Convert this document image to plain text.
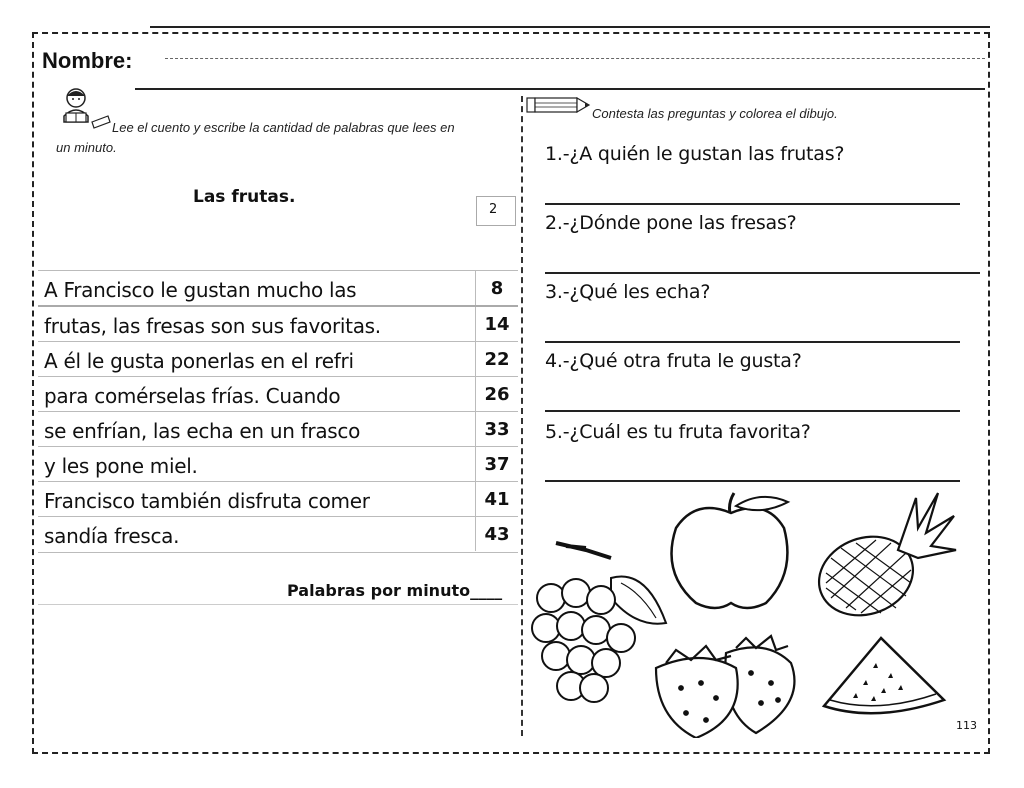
Nombre:
Lee el cuento y escribe la cantidad de palabras que lees en un minuto.
Las frutas.
2
A Francisco le gustan mucho las	8
frutas, las fresas son sus favoritas.	14
A él le gusta ponerlas en el refri	22
para comérselas frías. Cuando	26
se enfrían, las echa en un frasco	33
y les pone miel.	37
Francisco también disfruta comer	41
sandía fresca.	43
Palabras por minuto____
Contesta las preguntas y colorea el dibujo.
1.-¿A quién le gustan las frutas?
2.-¿Dónde pone las fresas?
3.-¿Qué les echa?
4.-¿Qué otra fruta le gusta?
5.-¿Cuál es tu fruta favorita?
113
